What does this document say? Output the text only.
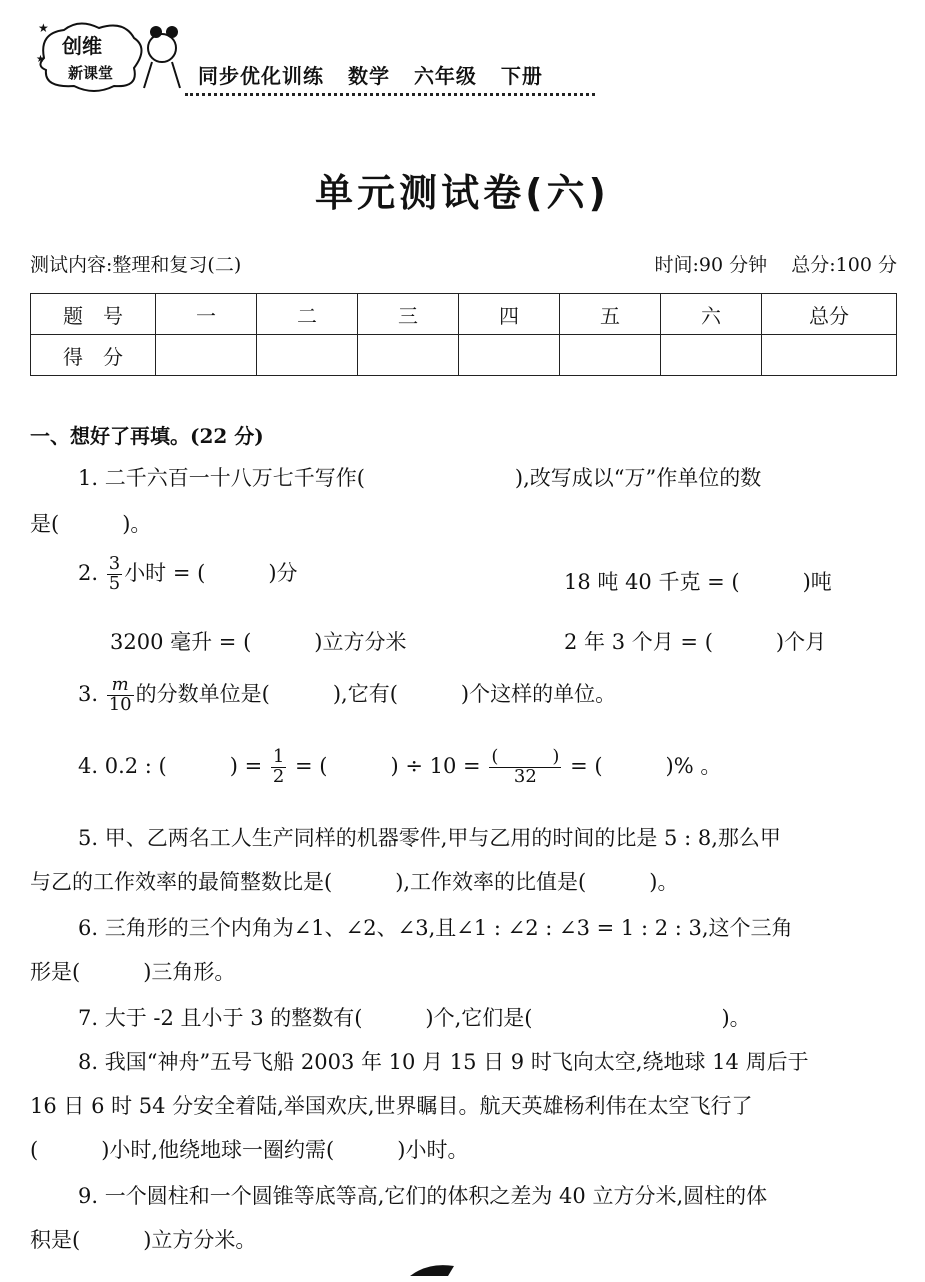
★
★
创维
新课堂	同步优化训练 数学 六年级 下册
单元测试卷(六)
测试内容:整理和复习(二)	时间:90 分钟 总分:100 分
题　号	一	二	三	四	五	六	总分
得　分							
一、想好了再填。(22 分)
1. 二千六百一十八万七千写作(	),改写成以“万”作单位的数
是(　　　)。
2. $\frac{3}{5}$ 小时 = (　　　)分	18 吨 40 千克 = (　　　)吨
3200 毫升 = (　　　)立方分米	2 年 3 个月 = (　　　)个月
3. $\frac{m}{10}$ 的分数单位是(　　　),它有(　　　)个这样的单位。
4. 0.2 : (　　　) = $\frac{1}{2}$ = (　　　) ÷ $10 = \frac{( )}{32}$ = (　　　)% 。
5. 甲、乙两名工人生产同样的机器零件,甲与乙用的时间的比是 5 : 8,那么甲
与乙的工作效率的最简整数比是(　　　),工作效率的比值是(　　　)。
6. 三角形的三个内角为∠1、∠2、∠3,且∠1 : ∠2 : ∠3 = 1 : 2 : 3,这个三角
形是(　　　)三角形。
7. 大于 -2 且小于 3 的整数有(　　　)个,它们是(　　　　　　　　　)。
8. 我国“神舟”五号飞船 2003 年 10 月 15 日 9 时飞向太空,绕地球 14 周后于
16 日 6 时 54 分安全着陆,举国欢庆,世界瞩目。航天英雄杨利伟在太空飞行了
(　　　)小时,他绕地球一圈约需(　　　)小时。
9. 一个圆柱和一个圆锥等底等高,它们的体积之差为 40 立方分米,圆柱的体
积是(　　　)立方分米。
